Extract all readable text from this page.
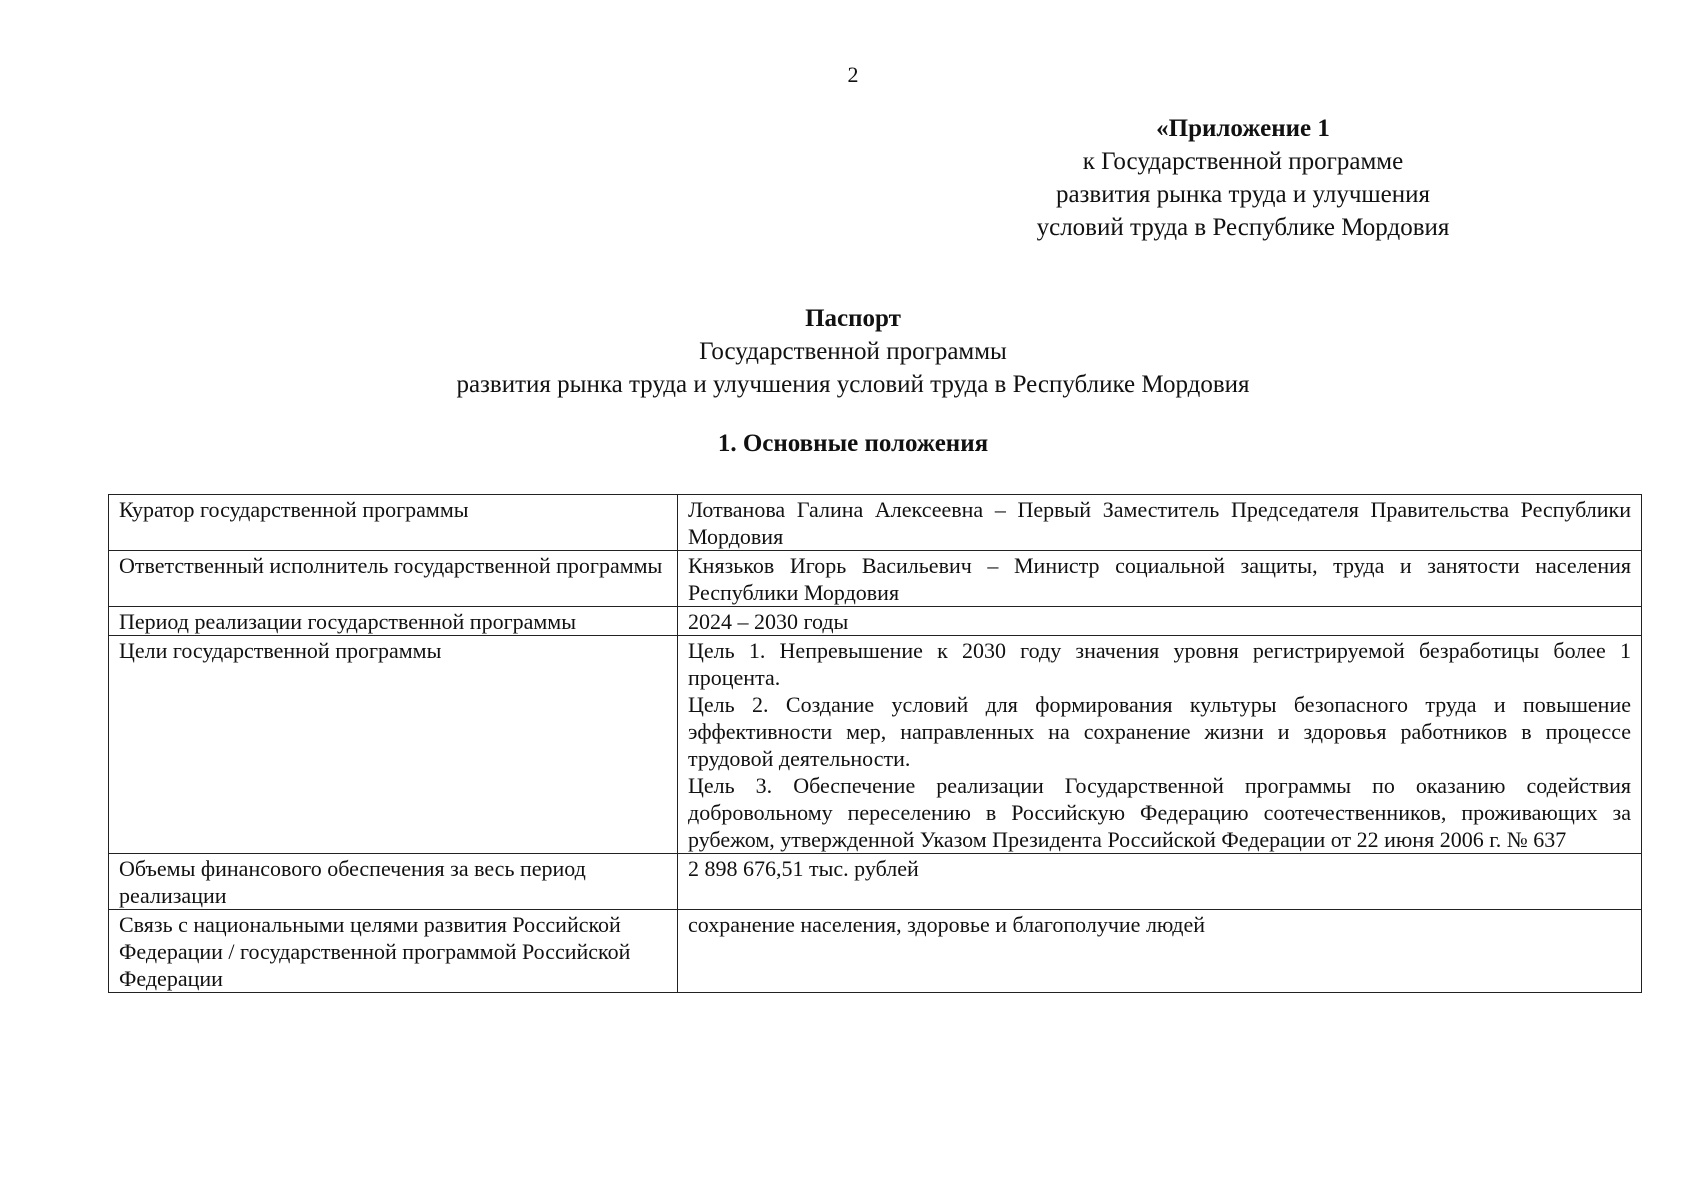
2
«Приложение 1
к Государственной программе
развития рынка труда и улучшения
условий труда в Республике Мордовия
Паспорт
Государственной программы
развития рынка труда и улучшения условий труда в Республике Мордовия
1. Основные положения
Куратор государственной программы	Лотванова Галина Алексеевна – Первый Заместитель Председателя Правительства Республики Мордовия
Ответственный исполнитель государственной программы	Князьков Игорь Васильевич – Министр социальной защиты, труда и занятости населения Республики Мордовия
Период реализации государственной программы	2024 – 2030 годы
Цели государственной программы	Цель 1. Непревышение к 2030 году значения уровня регистрируемой безработицы более 1 процента.
Цель 2. Создание условий для формирования культуры безопасного труда и повышение эффективности мер, направленных на сохранение жизни и здоровья работников в процессе трудовой деятельности.
Цель 3. Обеспечение реализации Государственной программы по оказанию содействия добровольному переселению в Российскую Федерацию соотечественников, проживающих за рубежом, утвержденной Указом Президента Российской Федерации от 22 июня 2006 г. № 637

Объемы финансового обеспечения за весь период реализации	2 898 676,51 тыс. рублей
Связь с национальными целями развития Российской Федерации / государственной программой Российской Федерации	сохранение населения, здоровье и благополучие людей
